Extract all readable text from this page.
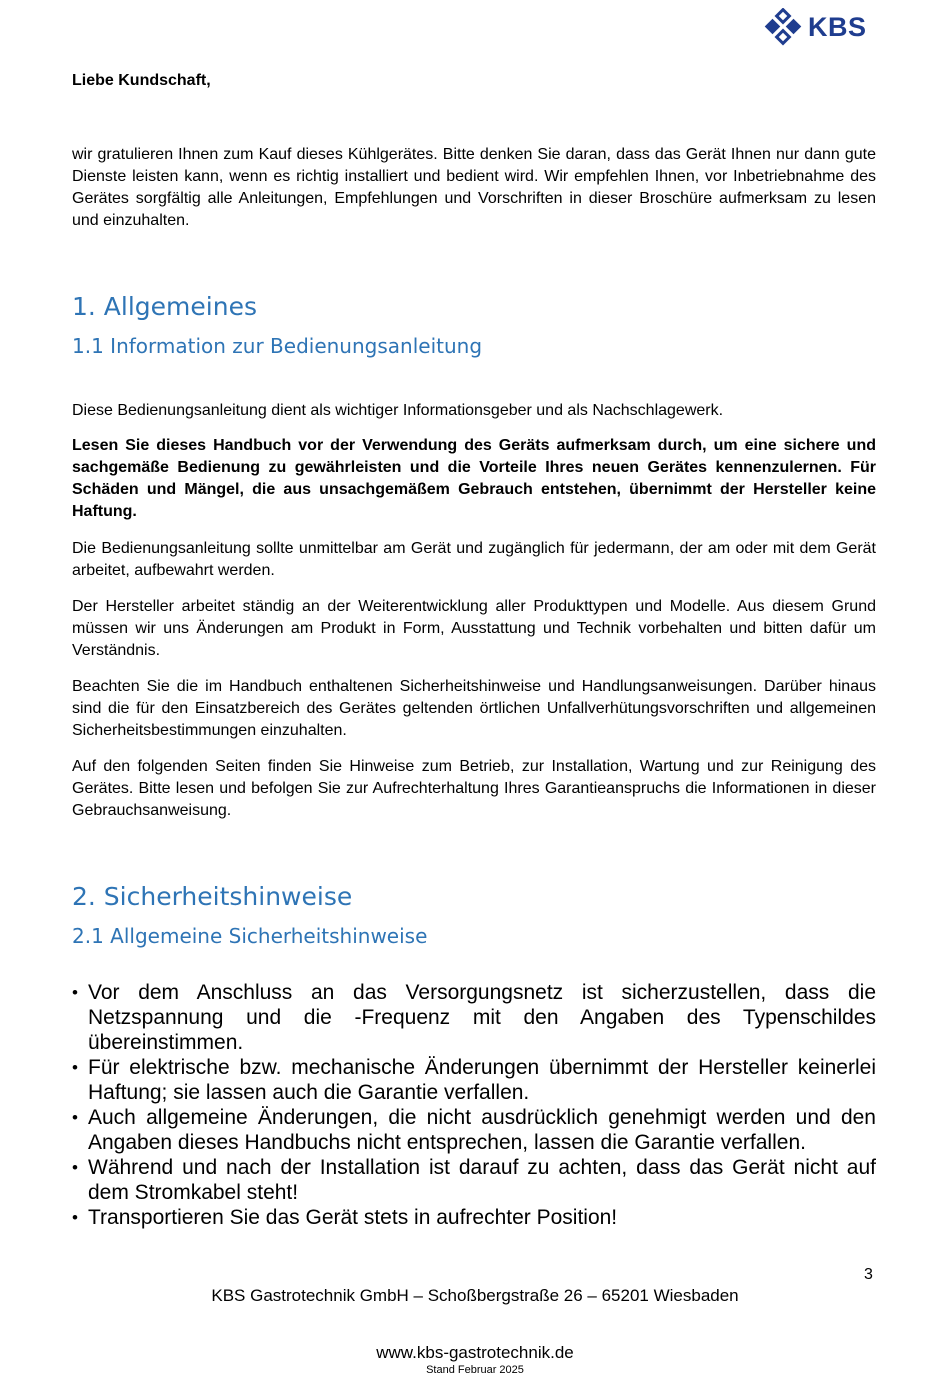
KBS
Liebe Kundschaft,
wir gratulieren Ihnen zum Kauf dieses Kühlgerätes. Bitte denken Sie daran, dass das Gerät Ihnen nur dann gute Dienste leisten kann, wenn es richtig installiert und bedient wird. Wir empfehlen Ihnen, vor Inbetriebnahme des Gerätes sorgfältig alle Anleitungen, Empfehlungen und Vorschriften in dieser Broschüre aufmerksam zu lesen und einzuhalten.
1. Allgemeines
1.1 Information zur Bedienungsanleitung
Diese Bedienungsanleitung dient als wichtiger Informationsgeber und als Nachschlagewerk.
Lesen Sie dieses Handbuch vor der Verwendung des Geräts aufmerksam durch, um eine sichere und sachgemäße Bedienung zu gewährleisten und die Vorteile Ihres neuen Gerätes kennenzulernen. Für Schäden und Mängel, die aus unsachgemäßem Gebrauch entstehen, übernimmt der Hersteller keine Haftung.
Die Bedienungsanleitung sollte unmittelbar am Gerät und zugänglich für jedermann, der am oder mit dem Gerät arbeitet, aufbewahrt werden.
Der Hersteller arbeitet ständig an der Weiterentwicklung aller Produkttypen und Modelle. Aus diesem Grund müssen wir uns Änderungen am Produkt in Form, Ausstattung und Technik vorbehalten und bitten dafür um Verständnis.
Beachten Sie die im Handbuch enthaltenen Sicherheitshinweise und Handlungsanweisungen. Darüber hinaus sind die für den Einsatzbereich des Gerätes geltenden örtlichen Unfallverhütungsvorschriften und allgemeinen Sicherheitsbestimmungen einzuhalten.
Auf den folgenden Seiten finden Sie Hinweise zum Betrieb, zur Installation, Wartung und zur Reinigung des Gerätes. Bitte lesen und befolgen Sie zur Aufrechterhaltung Ihres Garantieanspruchs die Informationen in dieser Gebrauchsanweisung.
2. Sicherheitshinweise
2.1 Allgemeine Sicherheitshinweise
• Vor dem Anschluss an das Versorgungsnetz ist sicherzustellen, dass die Netzspannung und die -Frequenz mit den Angaben des Typenschildes übereinstimmen.
• Für elektrische bzw. mechanische Änderungen übernimmt der Hersteller keinerlei Haftung; sie lassen auch die Garantie verfallen.
• Auch allgemeine Änderungen, die nicht ausdrücklich genehmigt werden und den Angaben dieses Handbuchs nicht entsprechen, lassen die Garantie verfallen.
• Während und nach der Installation ist darauf zu achten, dass das Gerät nicht auf dem Stromkabel steht!
• Transportieren Sie das Gerät stets in aufrechter Position!
3
KBS Gastrotechnik GmbH – Schoßbergstraße 26 – 65201 Wiesbaden
www.kbs-gastrotechnik.de
Stand Februar 2025
